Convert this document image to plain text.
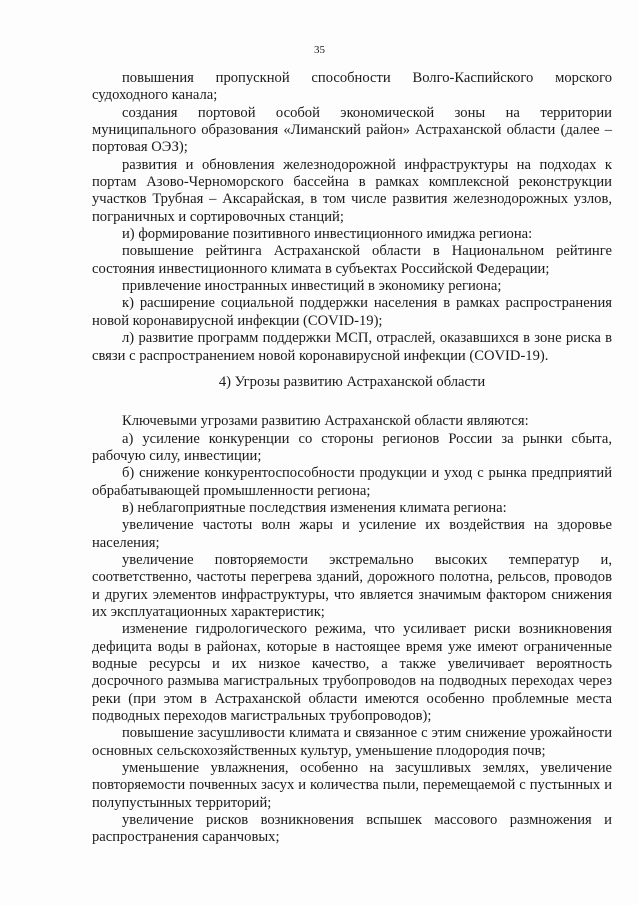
35

повышения пропускной способности Волго-Каспийского морского судоходного канала;

создания портовой особой экономической зоны на территории муниципального образования «Лиманский район» Астраханской области (далее – портовая ОЭЗ);

развития и обновления железнодорожной инфраструктуры на подходах к портам Азово-Черноморского бассейна в рамках комплексной реконструкции участков Трубная – Аксарайская, в том числе развития железнодорожных узлов, пограничных и сортировочных станций;

и) формирование позитивного инвестиционного имиджа региона:

повышение рейтинга Астраханской области в Национальном рейтинге состояния инвестиционного климата в субъектах Российской Федерации;

привлечение иностранных инвестиций в экономику региона;

к) расширение социальной поддержки населения в рамках распространения новой коронавирусной инфекции (COVID-19);

л) развитие программ поддержки МСП, отраслей, оказавшихся в зоне риска в связи с распространением новой коронавирусной инфекции (COVID-19).

4) Угрозы развитию Астраханской области

Ключевыми угрозами развитию Астраханской области являются:

а) усиление конкуренции со стороны регионов России за рынки сбыта, рабочую силу, инвестиции;

б) снижение конкурентоспособности продукции и уход с рынка предприятий обрабатывающей промышленности региона;

в) неблагоприятные последствия изменения климата региона:

увеличение частоты волн жары и усиление их воздействия на здоровье населения;

увеличение повторяемости экстремально высоких температур и, соответственно, частоты перегрева зданий, дорожного полотна, рельсов, проводов и других элементов инфраструктуры, что является значимым фактором снижения их эксплуатационных характеристик;

изменение гидрологического режима, что усиливает риски возникновения дефицита воды в районах, которые в настоящее время уже имеют ограниченные водные ресурсы и их низкое качество, а также увеличивает вероятность досрочного размыва магистральных трубопроводов на подводных переходах через реки (при этом в Астраханской области имеются особенно проблемные места подводных переходов магистральных трубопроводов);

повышение засушливости климата и связанное с этим снижение урожайности основных сельскохозяйственных культур, уменьшение плодородия почв;

уменьшение увлажнения, особенно на засушливых землях, увеличение повторяемости почвенных засух и количества пыли, перемещаемой с пустынных и полупустынных территорий;

увеличение рисков возникновения вспышек массового размножения и распространения саранчовых;
